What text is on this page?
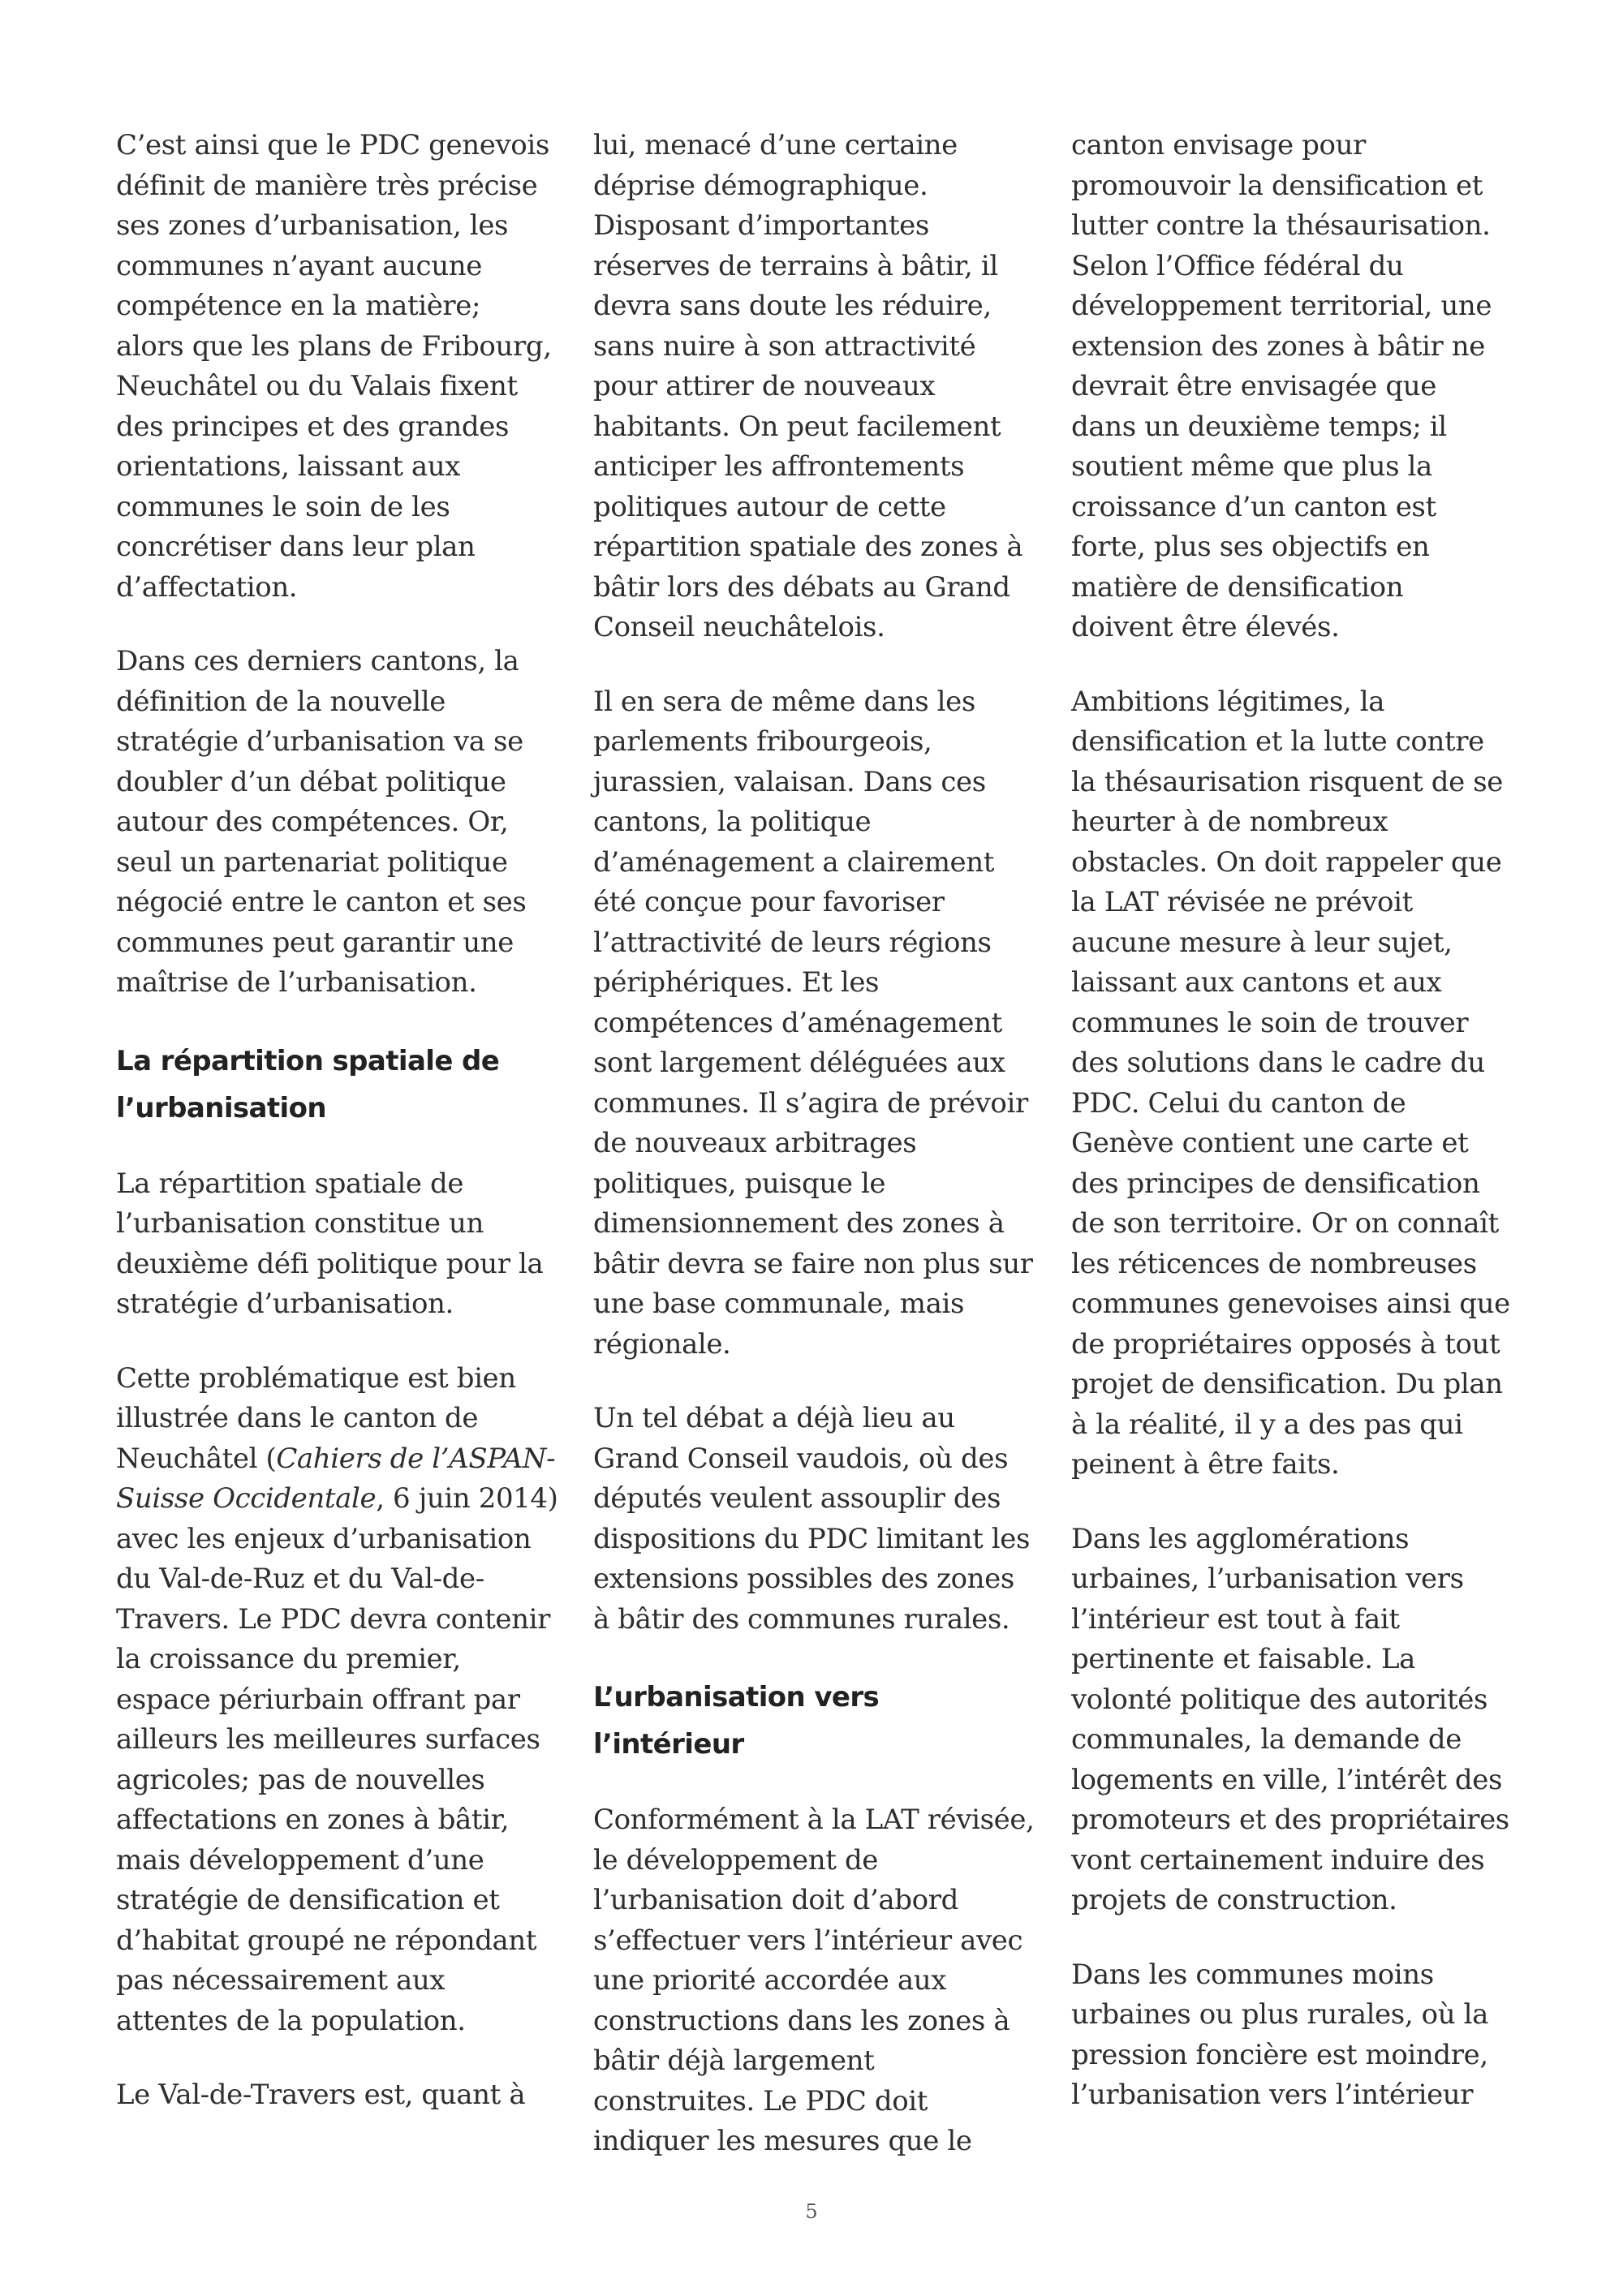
C’est ainsi que le PDC genevois définit de manière très précise ses zones d’urbanisation, les communes n’ayant aucune compétence en la matière; alors que les plans de Fribourg, Neuchâtel ou du Valais fixent des principes et des grandes orientations, laissant aux communes le soin de les concrétiser dans leur plan d’affectation.

Dans ces derniers cantons, la définition de la nouvelle stratégie d’urbanisation va se doubler d’un débat politique autour des compétences. Or, seul un partenariat politique négocié entre le canton et ses communes peut garantir une maîtrise de l’urbanisation.

La répartition spatiale de l’urbanisation

La répartition spatiale de l’urbanisation constitue un deuxième défi politique pour la stratégie d’urbanisation.

Cette problématique est bien illustrée dans le canton de Neuchâtel (Cahiers de l’ASPAN-Suisse Occidentale, 6 juin 2014) avec les enjeux d’urbanisation du Val-de-Ruz et du Val-de-Travers. Le PDC devra contenir la croissance du premier, espace périurbain offrant par ailleurs les meilleures surfaces agricoles; pas de nouvelles affectations en zones à bâtir, mais développement d’une stratégie de densification et d’habitat groupé ne répondant pas nécessairement aux attentes de la population.

Le Val-de-Travers est, quant à

lui, menacé d’une certaine déprise démographique. Disposant d’importantes réserves de terrains à bâtir, il devra sans doute les réduire, sans nuire à son attractivité pour attirer de nouveaux habitants. On peut facilement anticiper les affrontements politiques autour de cette répartition spatiale des zones à bâtir lors des débats au Grand Conseil neuchâtelois.

Il en sera de même dans les parlements fribourgeois, jurassien, valaisan. Dans ces cantons, la politique d’aménagement a clairement été conçue pour favoriser l’attractivité de leurs régions périphériques. Et les compétences d’aménagement sont largement déléguées aux communes. Il s’agira de prévoir de nouveaux arbitrages politiques, puisque le dimensionnement des zones à bâtir devra se faire non plus sur une base communale, mais régionale.

Un tel débat a déjà lieu au Grand Conseil vaudois, où des députés veulent assouplir des dispositions du PDC limitant les extensions possibles des zones à bâtir des communes rurales.

L’urbanisation vers l’intérieur

Conformément à la LAT révisée, le développement de l’urbanisation doit d’abord s’effectuer vers l’intérieur avec une priorité accordée aux constructions dans les zones à bâtir déjà largement construites. Le PDC doit indiquer les mesures que le

canton envisage pour promouvoir la densification et lutter contre la thésaurisation. Selon l’Office fédéral du développement territorial, une extension des zones à bâtir ne devrait être envisagée que dans un deuxième temps; il soutient même que plus la croissance d’un canton est forte, plus ses objectifs en matière de densification doivent être élevés.

Ambitions légitimes, la densification et la lutte contre la thésaurisation risquent de se heurter à de nombreux obstacles. On doit rappeler que la LAT révisée ne prévoit aucune mesure à leur sujet, laissant aux cantons et aux communes le soin de trouver des solutions dans le cadre du PDC. Celui du canton de Genève contient une carte et des principes de densification de son territoire. Or on connaît les réticences de nombreuses communes genevoises ainsi que de propriétaires opposés à tout projet de densification. Du plan à la réalité, il y a des pas qui peinent à être faits.

Dans les agglomérations urbaines, l’urbanisation vers l’intérieur est tout à fait pertinente et faisable. La volonté politique des autorités communales, la demande de logements en ville, l’intérêt des promoteurs et des propriétaires vont certainement induire des projets de construction.

Dans les communes moins urbaines ou plus rurales, où la pression foncière est moindre, l’urbanisation vers l’intérieur

5
